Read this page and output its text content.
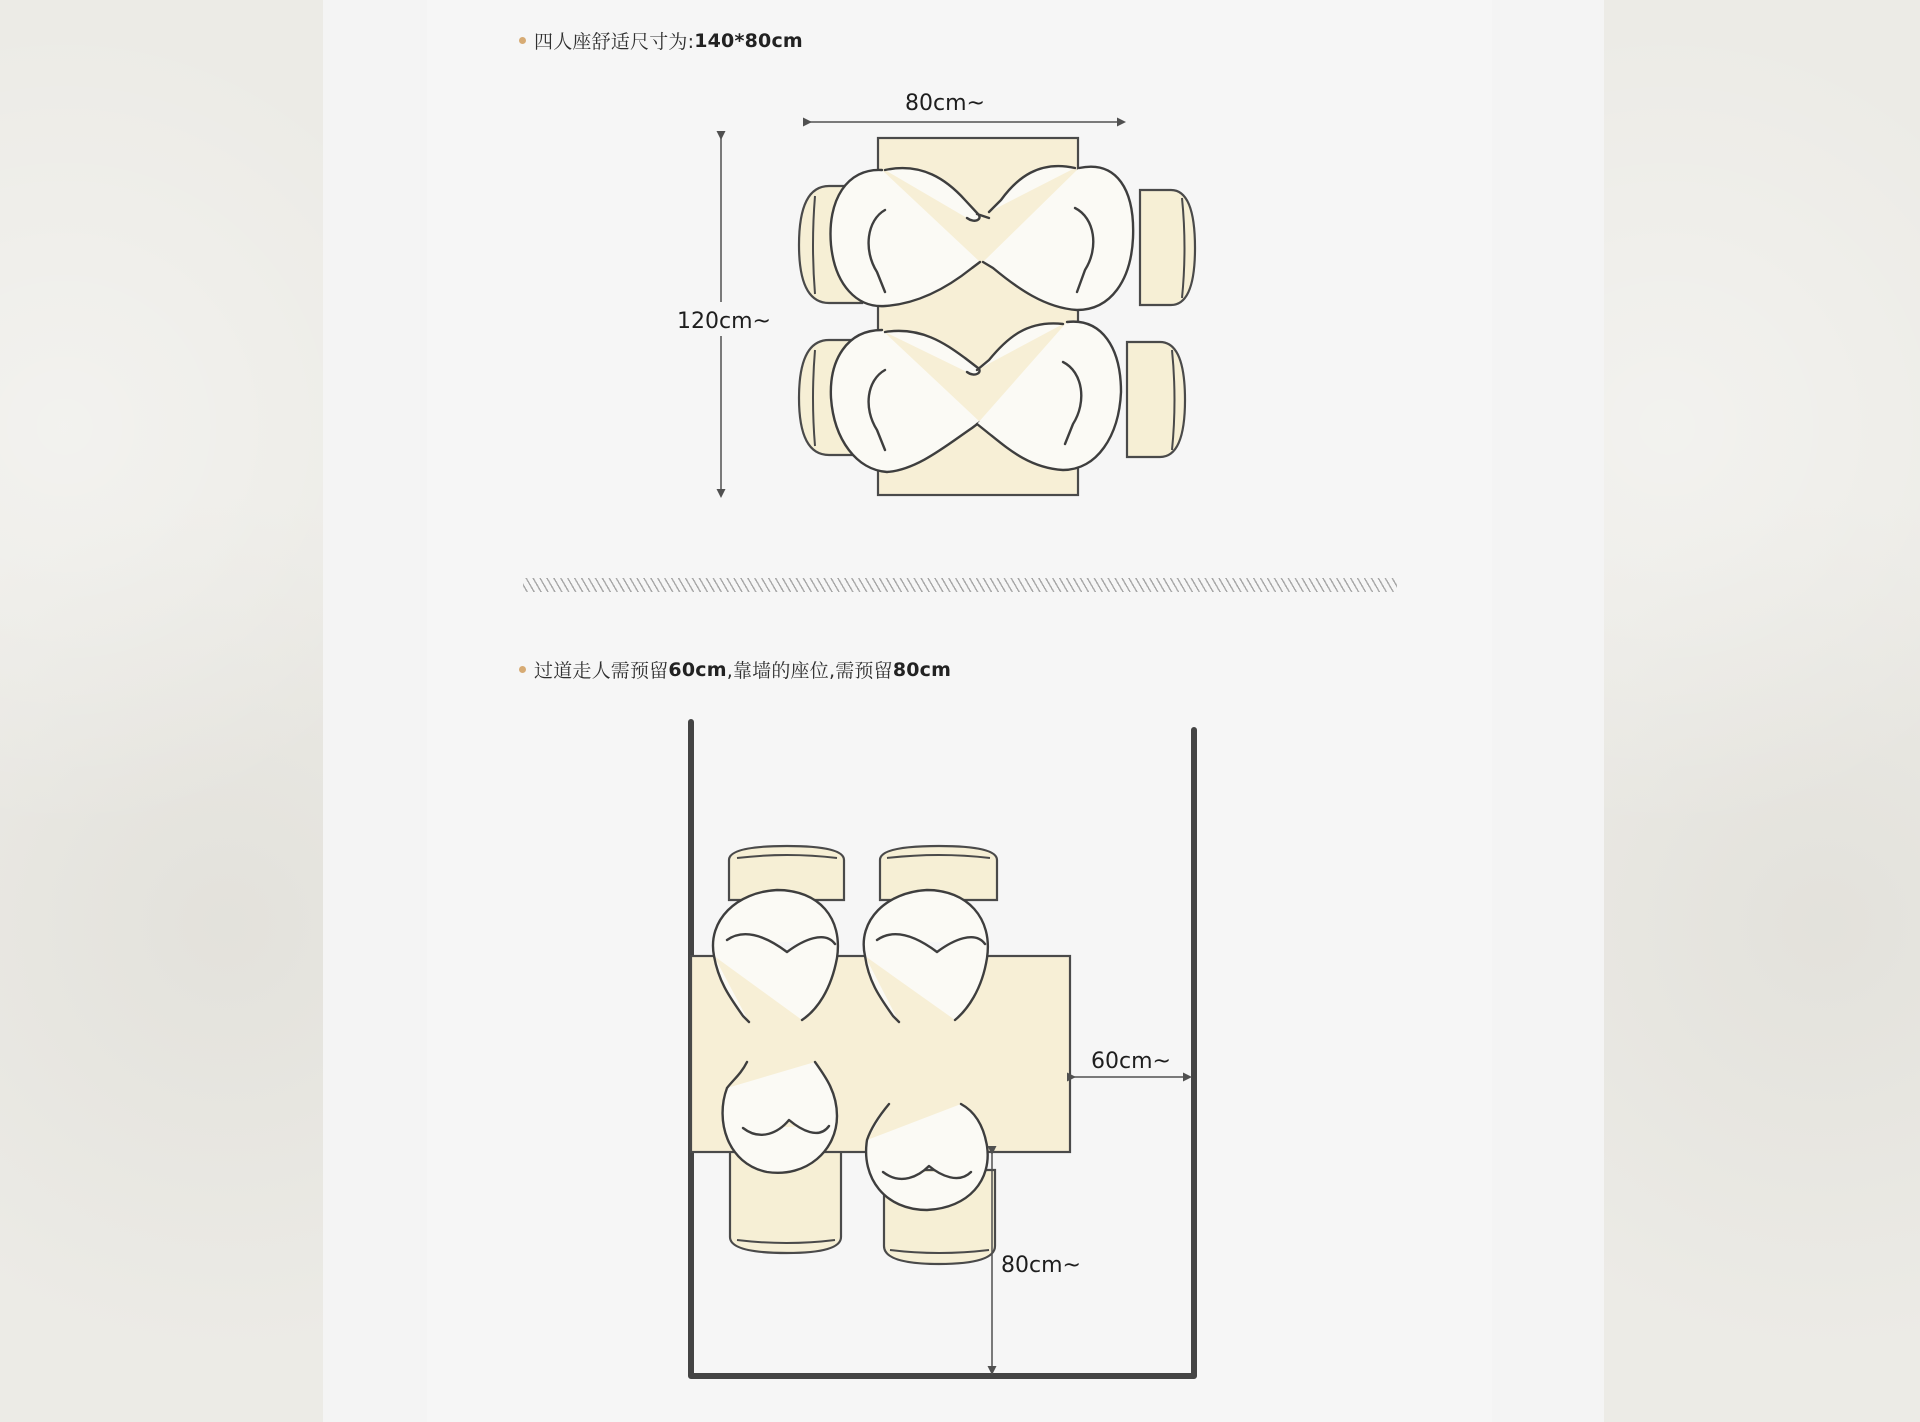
四人座舒适尺寸为: 140*80cm
80cm~
120cm~
过道走人需预留 60cm ,靠墙的座位,需预留 80cm
60cm~
80cm~
